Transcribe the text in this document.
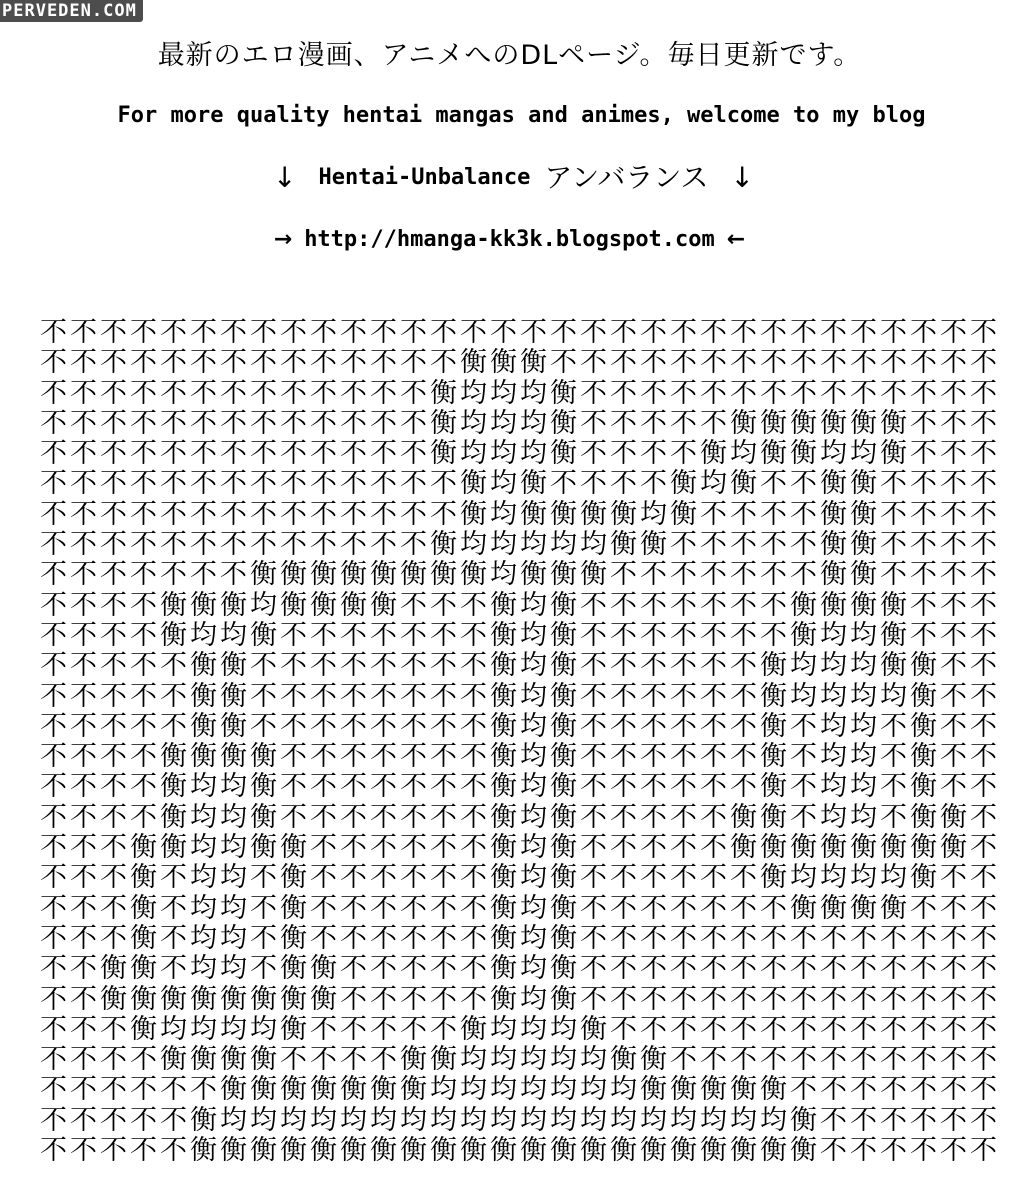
PERVEDEN.COM
最新のエロ漫画、アニメへのDLページ。毎日更新です。
For more quality hentai mangas and animes, welcome to my blog
↓ Hentai-Unbalance アンバランス ↓
→ http://hmanga-kk3k.blogspot.com ←
不不不不不不不不不不不不不不不不不不不不不不不不不不不不不不不不
不不不不不不不不不不不不不不衡衡衡不不不不不不不不不不不不不不不
不不不不不不不不不不不不不衡均均均衡不不不不不不不不不不不不不不
不不不不不不不不不不不不不衡均均均衡不不不不不衡衡衡衡衡衡不不不
不不不不不不不不不不不不不衡均均均衡不不不不衡均衡衡均均衡不不不
不不不不不不不不不不不不不不衡均衡不不不不衡均衡不不衡衡不不不不
不不不不不不不不不不不不不不衡均衡衡衡衡均衡不不不不衡衡不不不不
不不不不不不不不不不不不不衡均均均均均衡衡不不不不不衡衡不不不不
不不不不不不不衡衡衡衡衡衡衡衡均衡衡衡不不不不不不不衡衡不不不不
不不不不衡衡衡均衡衡衡衡不不不衡均衡不不不不不不不衡衡衡衡不不不
不不不不衡均均衡不不不不不不不衡均衡不不不不不不不衡均均衡不不不
不不不不不衡衡不不不不不不不不衡均衡不不不不不不衡均均均衡衡不不
不不不不不衡衡不不不不不不不不衡均衡不不不不不不衡均均均均衡不不
不不不不不衡衡不不不不不不不不衡均衡不不不不不不衡不均均不衡不不
不不不不衡衡衡衡不不不不不不不衡均衡不不不不不不衡不均均不衡不不
不不不不衡均均衡不不不不不不不衡均衡不不不不不不衡不均均不衡不不
不不不不衡均均衡不不不不不不不衡均衡不不不不不衡衡不均均不衡衡不
不不不衡衡均均衡衡不不不不不不衡均衡不不不不不衡衡衡衡衡衡衡衡不
不不不衡不均均不衡不不不不不不衡均衡不不不不不不衡均均均均衡不不
不不不衡不均均不衡不不不不不不衡均衡不不不不不不不衡衡衡衡不不不
不不不衡不均均不衡不不不不不不衡均衡不不不不不不不不不不不不不不
不不衡衡不均均不衡衡不不不不不衡均衡不不不不不不不不不不不不不不
不不衡衡衡衡衡衡衡衡不不不不不衡均衡不不不不不不不不不不不不不不
不不不衡均均均均衡不不不不不衡均均均衡不不不不不不不不不不不不不
不不不不衡衡衡衡不不不不衡衡均均均均均衡衡不不不不不不不不不不不
不不不不不不衡衡衡衡衡衡衡均均均均均均均衡衡衡衡衡不不不不不不不
不不不不不衡均均均均均均均均均均均均均均均均均均均衡不不不不不不
不不不不不衡衡衡衡衡衡衡衡衡衡衡衡衡衡衡衡衡衡衡衡衡不不不不不不
